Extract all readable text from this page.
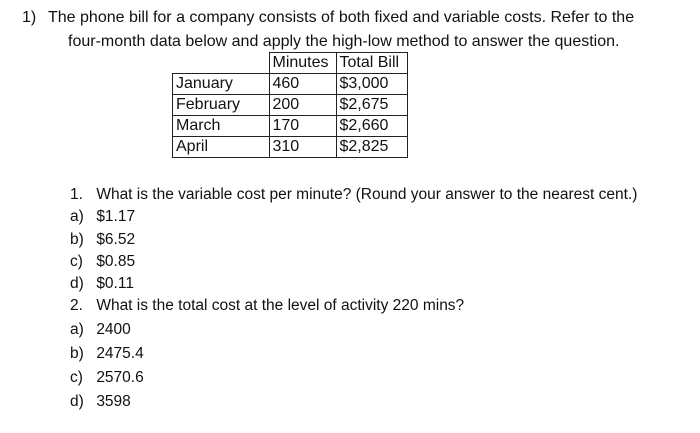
1) The phone bill for a company consists of both fixed and variable costs. Refer to the
four-month data below and apply the high-low method to answer the question.
	Minutes	Total Bill
January	460	$3,000
February	200	$2,675
March	170	$2,660
April	310	$2,825
1. What is the variable cost per minute? (Round your answer to the nearest cent.)
a) $1.17
b) $6.52
c) $0.85
d) $0.11
2. What is the total cost at the level of activity 220 mins?
a) 2400
b) 2475.4
c) 2570.6
d) 3598
